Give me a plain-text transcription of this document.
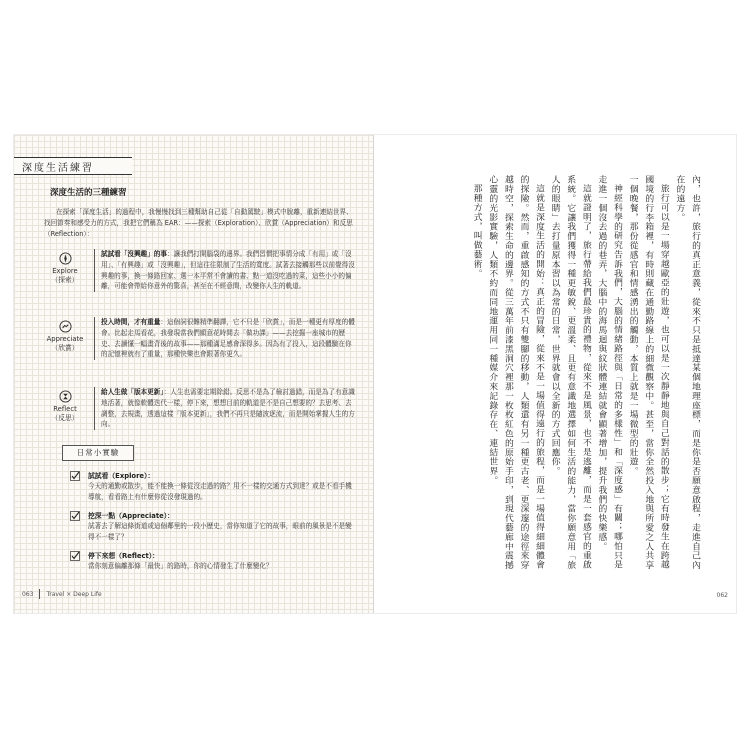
深度生活練習
深度生活的三種練習
在探索「深度生活」的過程中，我慢慢找到三種幫助自己從「自動駕駛」模式中脫離，重新連結世界、找回節奏和感受力的方式，我把它們稱為 EAR：——探索（Exploration）、欣賞（Appreciation）和反思（Reflection）：
Explore
（探索）
試試看「沒興趣」的事：讓我們打開腦袋的邊界。我們習慣把事情分成「有用」或「沒用」、「有興趣」或「沒興趣」，但這往往限制了生活的寬度。試著去接觸那些以前覺得沒興趣的事，換一條路回家、選一本平常不會讀的書、點一道沒吃過的菜，這些小小的偏離，可能會帶給你意外的驚喜，甚至在不經意間，改變你人生的軌道。
Appreciate
（欣賞）
投入時間，才有重量：這個詞很難精準翻譯，它不只是「欣賞」，而是一種更有厚度的體會。比起走馬看花，我發現當我們願意花時間去「做功課」——去挖掘一座城市的歷史、去讀懂一幅畫背後的故事——那種滿足感會深得多。因為有了投入，這段體驗在你的記憶裡就有了重量，那種快樂也會跟著你更久。
Reflect
（反思）
給人生做「版本更新」：人生也需要定期除錯。反思不是為了檢討過錯，而是為了有意識地活著，就像軟體迭代一樣，停下來，想想目前的軌道是不是自己想要的？去思考、去調整，去規畫，透過這樣「版本更新」，我們不再只是隨波逐流，而是開始掌握人生的方向。
日常小實驗
試試看（Explore）：
今天的通勤或散步，能不能換一條從沒走過的路？用不一樣的交通方式到達？或是不看手機導航，看看路上有什麼你從沒發現過的。
挖深一點（Appreciate）：
試著去了解這條街道或這個鄰里的一段小歷史，當你知道了它的故事，眼前的風景是不是變得不一樣了？
停下來想（Reflect）：
當你刻意偏離那條「最快」的路時，你的心情發生了什麼變化？
063 Travel × Deep Life

內，也許，旅行的真正意義，從來不只是抵達某個地理座標，而是你是否願意啟程，走進自己內在的遠方。

旅行可以是一場穿越歐亞的壯遊，也可以是一次靜靜地與自己對話的散步；它有時發生在跨越國境的行李箱裡，有時則藏在通勤路線上的細微觀察中。甚至，當你全然投入地與所愛之人共享一個晚餐，那份從感官和情感湧出的觸動，本質上就是一場微型的壯遊。

神經科學的研究告訴我們，大腦的情緒路徑與「日常的多樣性」和「深度感」有關；哪怕只是走進一個沒去過的巷弄，大腦中的海馬迴與紋狀體連結就會顯著增加，提升我們的快樂感。

這就證明了，旅行帶給我們最珍貴的禮物，從來不是風景，也不是逃離，而是一套感官的重啟系統。它讓我們獲得一種更敏銳、更溫柔、且更有意識地選擇如何生活的能力，當你願意用「旅人的眼睛」去打量原本習以為常的日常，世界就會以全新的方式回應你。

這就是深度生活的開始：真正的冒險，從來不是一場值得遠行的旅程，而是一場值得細細體會的探險。然而，重啟感知的方式不只有雙腳的移動，人類還有另一種更古老、更深邃的途徑來穿越時空，探索生命的邊界。從三萬年前漆黑洞穴裡那一枚枚紅色的原始手印，到現代藝廊中震撼心靈的光影實驗，人類不約而同地運用同一種媒介來記錄存在、連結世界。

那種方式，叫做藝術。

062
